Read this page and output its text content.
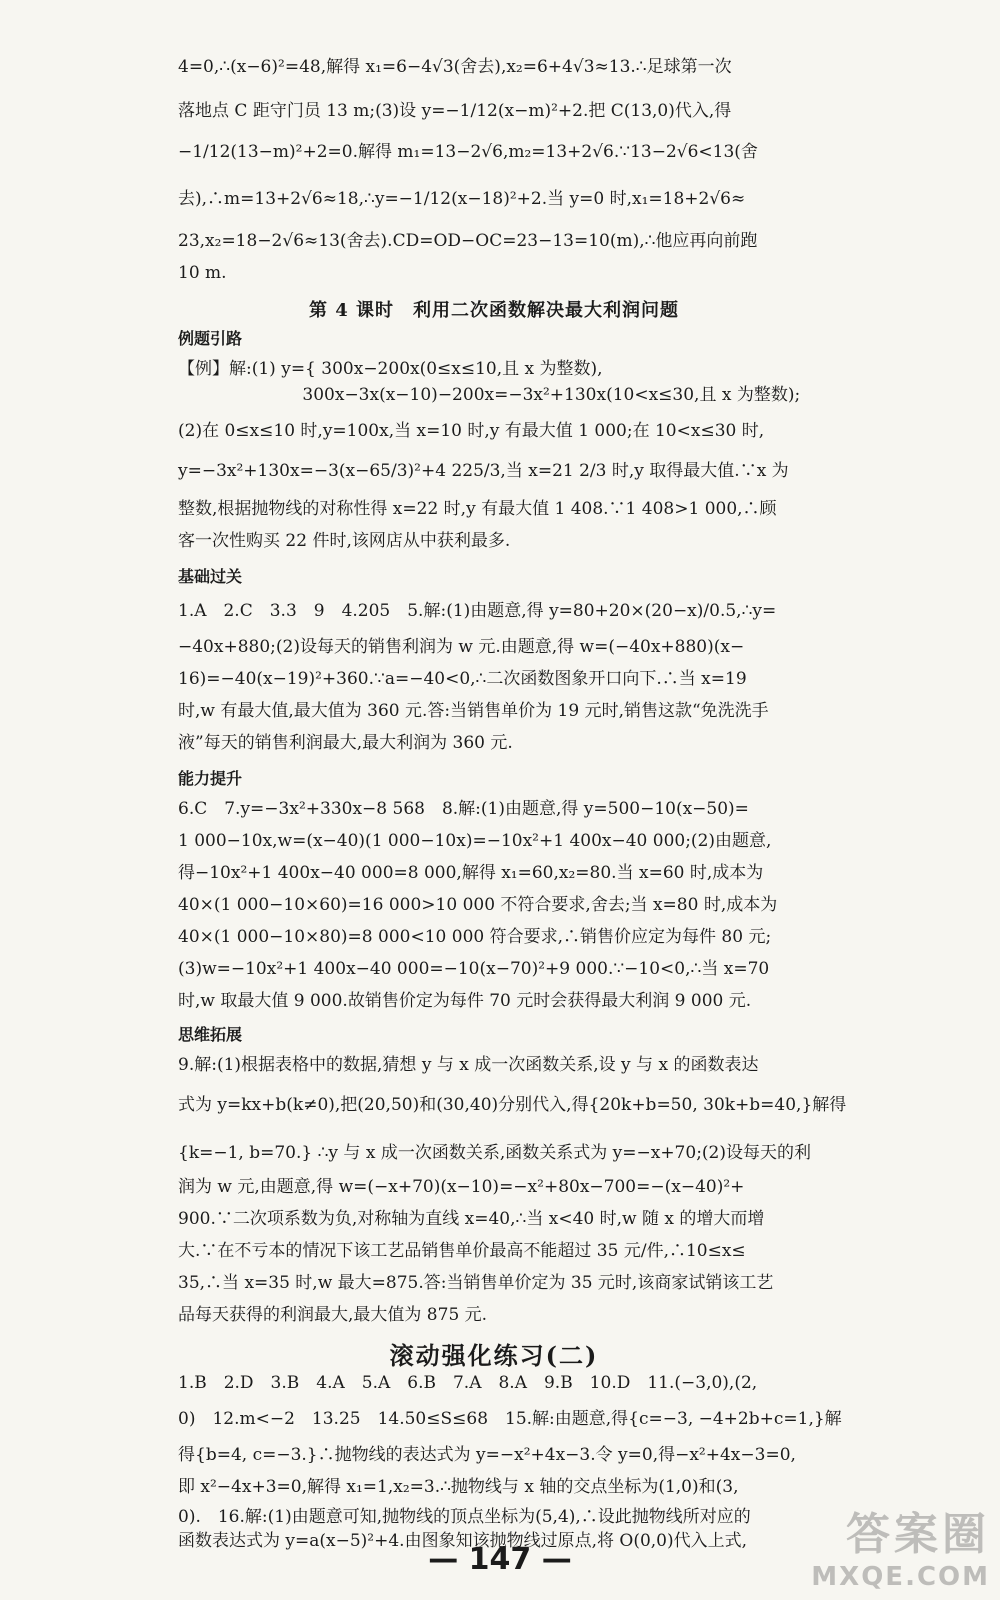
4=0,∴(x−6)²=48,解得 x₁=6−4√3(舍去),x₂=6+4√3≈13.∴足球第一次
落地点 C 距守门员 13 m;(3)设 y=−1/12(x−m)²+2.把 C(13,0)代入,得
−1/12(13−m)²+2=0.解得 m₁=13−2√6,m₂=13+2√6.∵13−2√6<13(舍
去),∴m=13+2√6≈18,∴y=−1/12(x−18)²+2.当 y=0 时,x₁=18+2√6≈
23,x₂=18−2√6≈13(舍去).CD=OD−OC=23−13=10(m),∴他应再向前跑
10 m.
第 4 课时　利用二次函数解决最大利润问题
例题引路
【例】解:(1) y={ 300x−200x(0≤x≤10,且 x 为整数),
　　　　　　　 300x−3x(x−10)−200x=−3x²+130x(10<x≤30,且 x 为整数);
(2)在 0≤x≤10 时,y=100x,当 x=10 时,y 有最大值 1 000;在 10<x≤30 时,
y=−3x²+130x=−3(x−65/3)²+4 225/3,当 x=21 2/3 时,y 取得最大值.∵x 为
整数,根据抛物线的对称性得 x=22 时,y 有最大值 1 408.∵1 408>1 000,∴顾
客一次性购买 22 件时,该网店从中获利最多.
基础过关
1.A　2.C　3.3　9　4.205　5.解:(1)由题意,得 y=80+20×(20−x)/0.5,∴y=
−40x+880;(2)设每天的销售利润为 w 元.由题意,得 w=(−40x+880)(x−
16)=−40(x−19)²+360.∵a=−40<0,∴二次函数图象开口向下.∴当 x=19
时,w 有最大值,最大值为 360 元.答:当销售单价为 19 元时,销售这款“免洗洗手
液”每天的销售利润最大,最大利润为 360 元.
能力提升
6.C　7.y=−3x²+330x−8 568　8.解:(1)由题意,得 y=500−10(x−50)=
1 000−10x,w=(x−40)(1 000−10x)=−10x²+1 400x−40 000;(2)由题意,
得−10x²+1 400x−40 000=8 000,解得 x₁=60,x₂=80.当 x=60 时,成本为
40×(1 000−10×60)=16 000>10 000 不符合要求,舍去;当 x=80 时,成本为
40×(1 000−10×80)=8 000<10 000 符合要求,∴销售价应定为每件 80 元;
(3)w=−10x²+1 400x−40 000=−10(x−70)²+9 000.∵−10<0,∴当 x=70
时,w 取最大值 9 000.故销售价定为每件 70 元时会获得最大利润 9 000 元.
思维拓展
9.解:(1)根据表格中的数据,猜想 y 与 x 成一次函数关系,设 y 与 x 的函数表达
式为 y=kx+b(k≠0),把(20,50)和(30,40)分别代入,得{20k+b=50, 30k+b=40,}解得
{k=−1, b=70.} ∴y 与 x 成一次函数关系,函数关系式为 y=−x+70;(2)设每天的利
润为 w 元,由题意,得 w=(−x+70)(x−10)=−x²+80x−700=−(x−40)²+
900.∵二次项系数为负,对称轴为直线 x=40,∴当 x<40 时,w 随 x 的增大而增
大.∵在不亏本的情况下该工艺品销售单价最高不能超过 35 元/件,∴10≤x≤
35,∴当 x=35 时,w 最大=875.答:当销售单价定为 35 元时,该商家试销该工艺
品每天获得的利润最大,最大值为 875 元.
滚动强化练习(二)
1.B　2.D　3.B　4.A　5.A　6.B　7.A　8.A　9.B　10.D　11.(−3,0),(2,
0)　12.m<−2　13.25　14.50≤S≤68　15.解:由题意,得{c=−3, −4+2b+c=1,}解
得{b=4, c=−3.}∴抛物线的表达式为 y=−x²+4x−3.令 y=0,得−x²+4x−3=0,
即 x²−4x+3=0,解得 x₁=1,x₂=3.∴抛物线与 x 轴的交点坐标为(1,0)和(3,
0).　16.解:(1)由题意可知,抛物线的顶点坐标为(5,4),∴设此抛物线所对应的
函数表达式为 y=a(x−5)²+4.由图象知该抛物线过原点,将 O(0,0)代入上式,
— 147 —	答案圈
MXQE.COM
